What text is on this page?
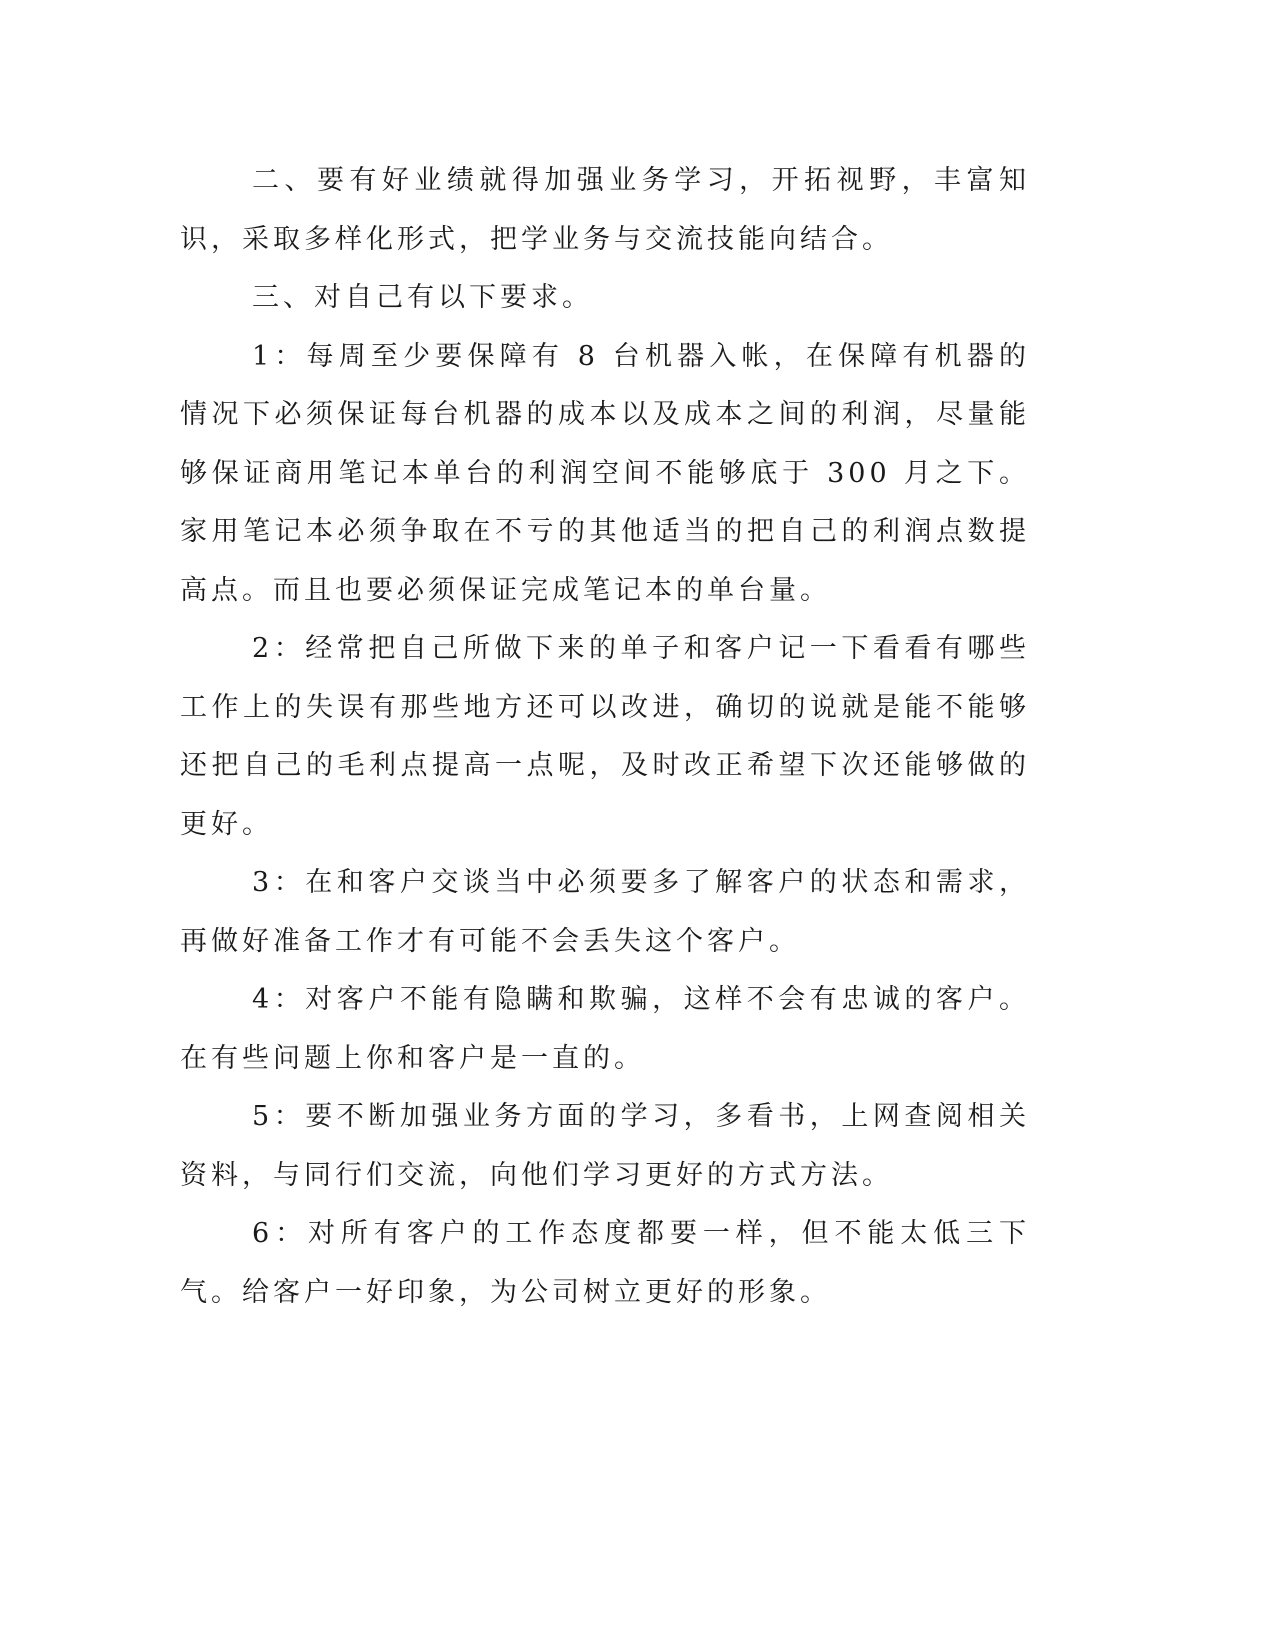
二、要有好业绩就得加强业务学习，开拓视野，丰富知识，采取多样化形式，把学业务与交流技能向结合。

三、对自己有以下要求。

1：每周至少要保障有 8 台机器入帐，在保障有机器的情况下必须保证每台机器的成本以及成本之间的利润，尽量能够保证商用笔记本单台的利润空间不能够底于 300 月之下。家用笔记本必须争取在不亏的其他适当的把自己的利润点数提高点。而且也要必须保证完成笔记本的单台量。

2：经常把自己所做下来的单子和客户记一下看看有哪些工作上的失误有那些地方还可以改进，确切的说就是能不能够还把自己的毛利点提高一点呢，及时改正希望下次还能够做的更好。

3：在和客户交谈当中必须要多了解客户的状态和需求，再做好准备工作才有可能不会丢失这个客户。

4：对客户不能有隐瞒和欺骗，这样不会有忠诚的客户。在有些问题上你和客户是一直的。

5：要不断加强业务方面的学习，多看书，上网查阅相关资料，与同行们交流，向他们学习更好的方式方法。

6：对所有客户的工作态度都要一样，但不能太低三下气。给客户一好印象，为公司树立更好的形象。
